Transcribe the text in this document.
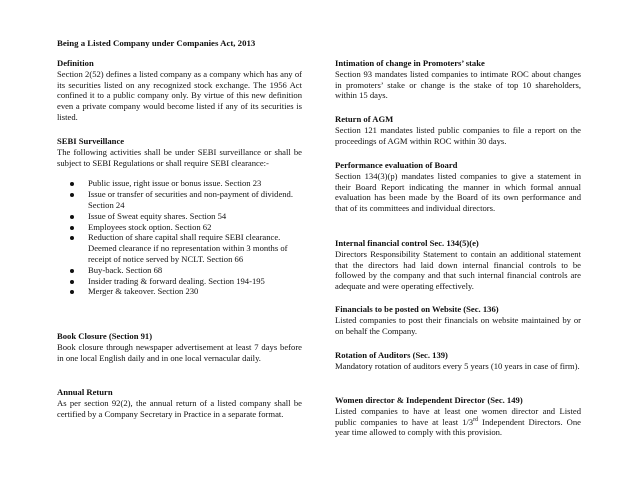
Being a Listed Company under Companies Act, 2013
Definition
Section 2(52) defines a listed company as a company which has any of its securities listed on any recognized stock exchange. The 1956 Act confined it to a public company only. By virtue of this new definition even a private company would become listed if any of its securities is listed.
SEBI Surveillance
The following activities shall be under SEBI surveillance or shall be subject to SEBI Regulations or shall require SEBI clearance:-
Public issue, right issue or bonus issue. Section 23
Issue or transfer of securities and non-payment of dividend. Section 24
Issue of Sweat equity shares. Section 54
Employees stock option. Section 62
Reduction of share capital shall require SEBI clearance. Deemed clearance if no representation within 3 months of receipt of notice served by NCLT. Section 66
Buy-back. Section 68
Insider trading & forward dealing. Section 194-195
Merger & takeover. Section 230
Book Closure (Section 91)
Book closure through newspaper advertisement at least 7 days before in one local English daily and in one local vernacular daily.
Annual Return
As per section 92(2), the annual return of a listed company shall be certified by a Company Secretary in Practice in a separate format.
Intimation of change in Promoters’ stake
Section 93 mandates listed companies to intimate ROC about changes in promoters’ stake or change is the stake of top 10 shareholders, within 15 days.
Return of AGM
Section 121 mandates listed public companies to file a report on the proceedings of AGM within ROC within 30 days.
Performance evaluation of Board
Section 134(3)(p) mandates listed companies to give a statement in their Board Report indicating the manner in which formal annual evaluation has been made by the Board of its own performance and that of its committees and individual directors.
Internal financial control Sec. 134(5)(e)
Directors Responsibility Statement to contain an additional statement that the directors had laid down internal financial controls to be followed by the company and that such internal financial controls are adequate and were operating effectively.
Financials to be posted on Website (Sec. 136)
Listed companies to post their financials on website maintained by or on behalf the Company.
Rotation of Auditors (Sec. 139)
Mandatory rotation of auditors every 5 years (10 years in case of firm).
Women director & Independent Director (Sec. 149)
Listed companies to have at least one women director and Listed public companies to have at least 1/3rd Independent Directors. One year time allowed to comply with this provision.
